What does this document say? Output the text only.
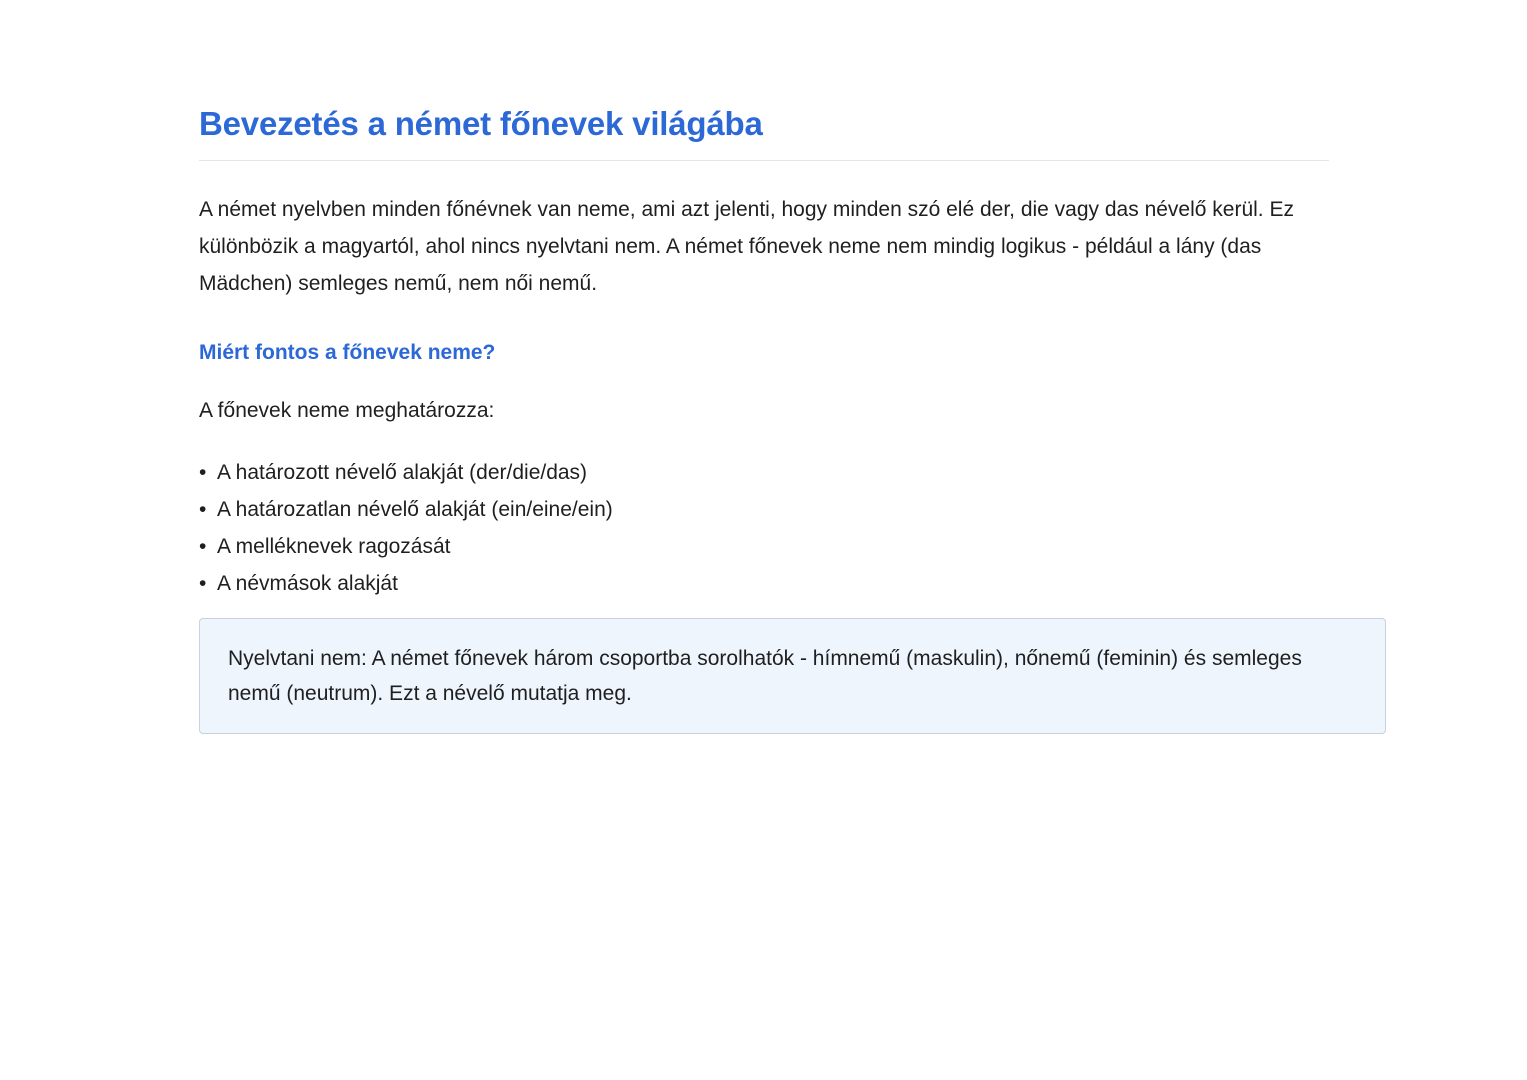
Bevezetés a német főnevek világába

A német nyelvben minden főnévnek van neme, ami azt jelenti, hogy minden szó elé der, die vagy das névelő kerül. Ez különbözik a magyartól, ahol nincs nyelvtani nem. A német főnevek neme nem mindig logikus - például a lány (das Mädchen) semleges nemű, nem női nemű.

Miért fontos a főnevek neme?

A főnevek neme meghatározza:

• A határozott névelő alakját (der/die/das)
• A határozatlan névelő alakját (ein/eine/ein)
• A melléknevek ragozását
• A névmások alakját

Nyelvtani nem: A német főnevek három csoportba sorolhatók - hímnemű (maskulin), nőnemű (feminin) és semleges nemű (neutrum). Ezt a névelő mutatja meg.
